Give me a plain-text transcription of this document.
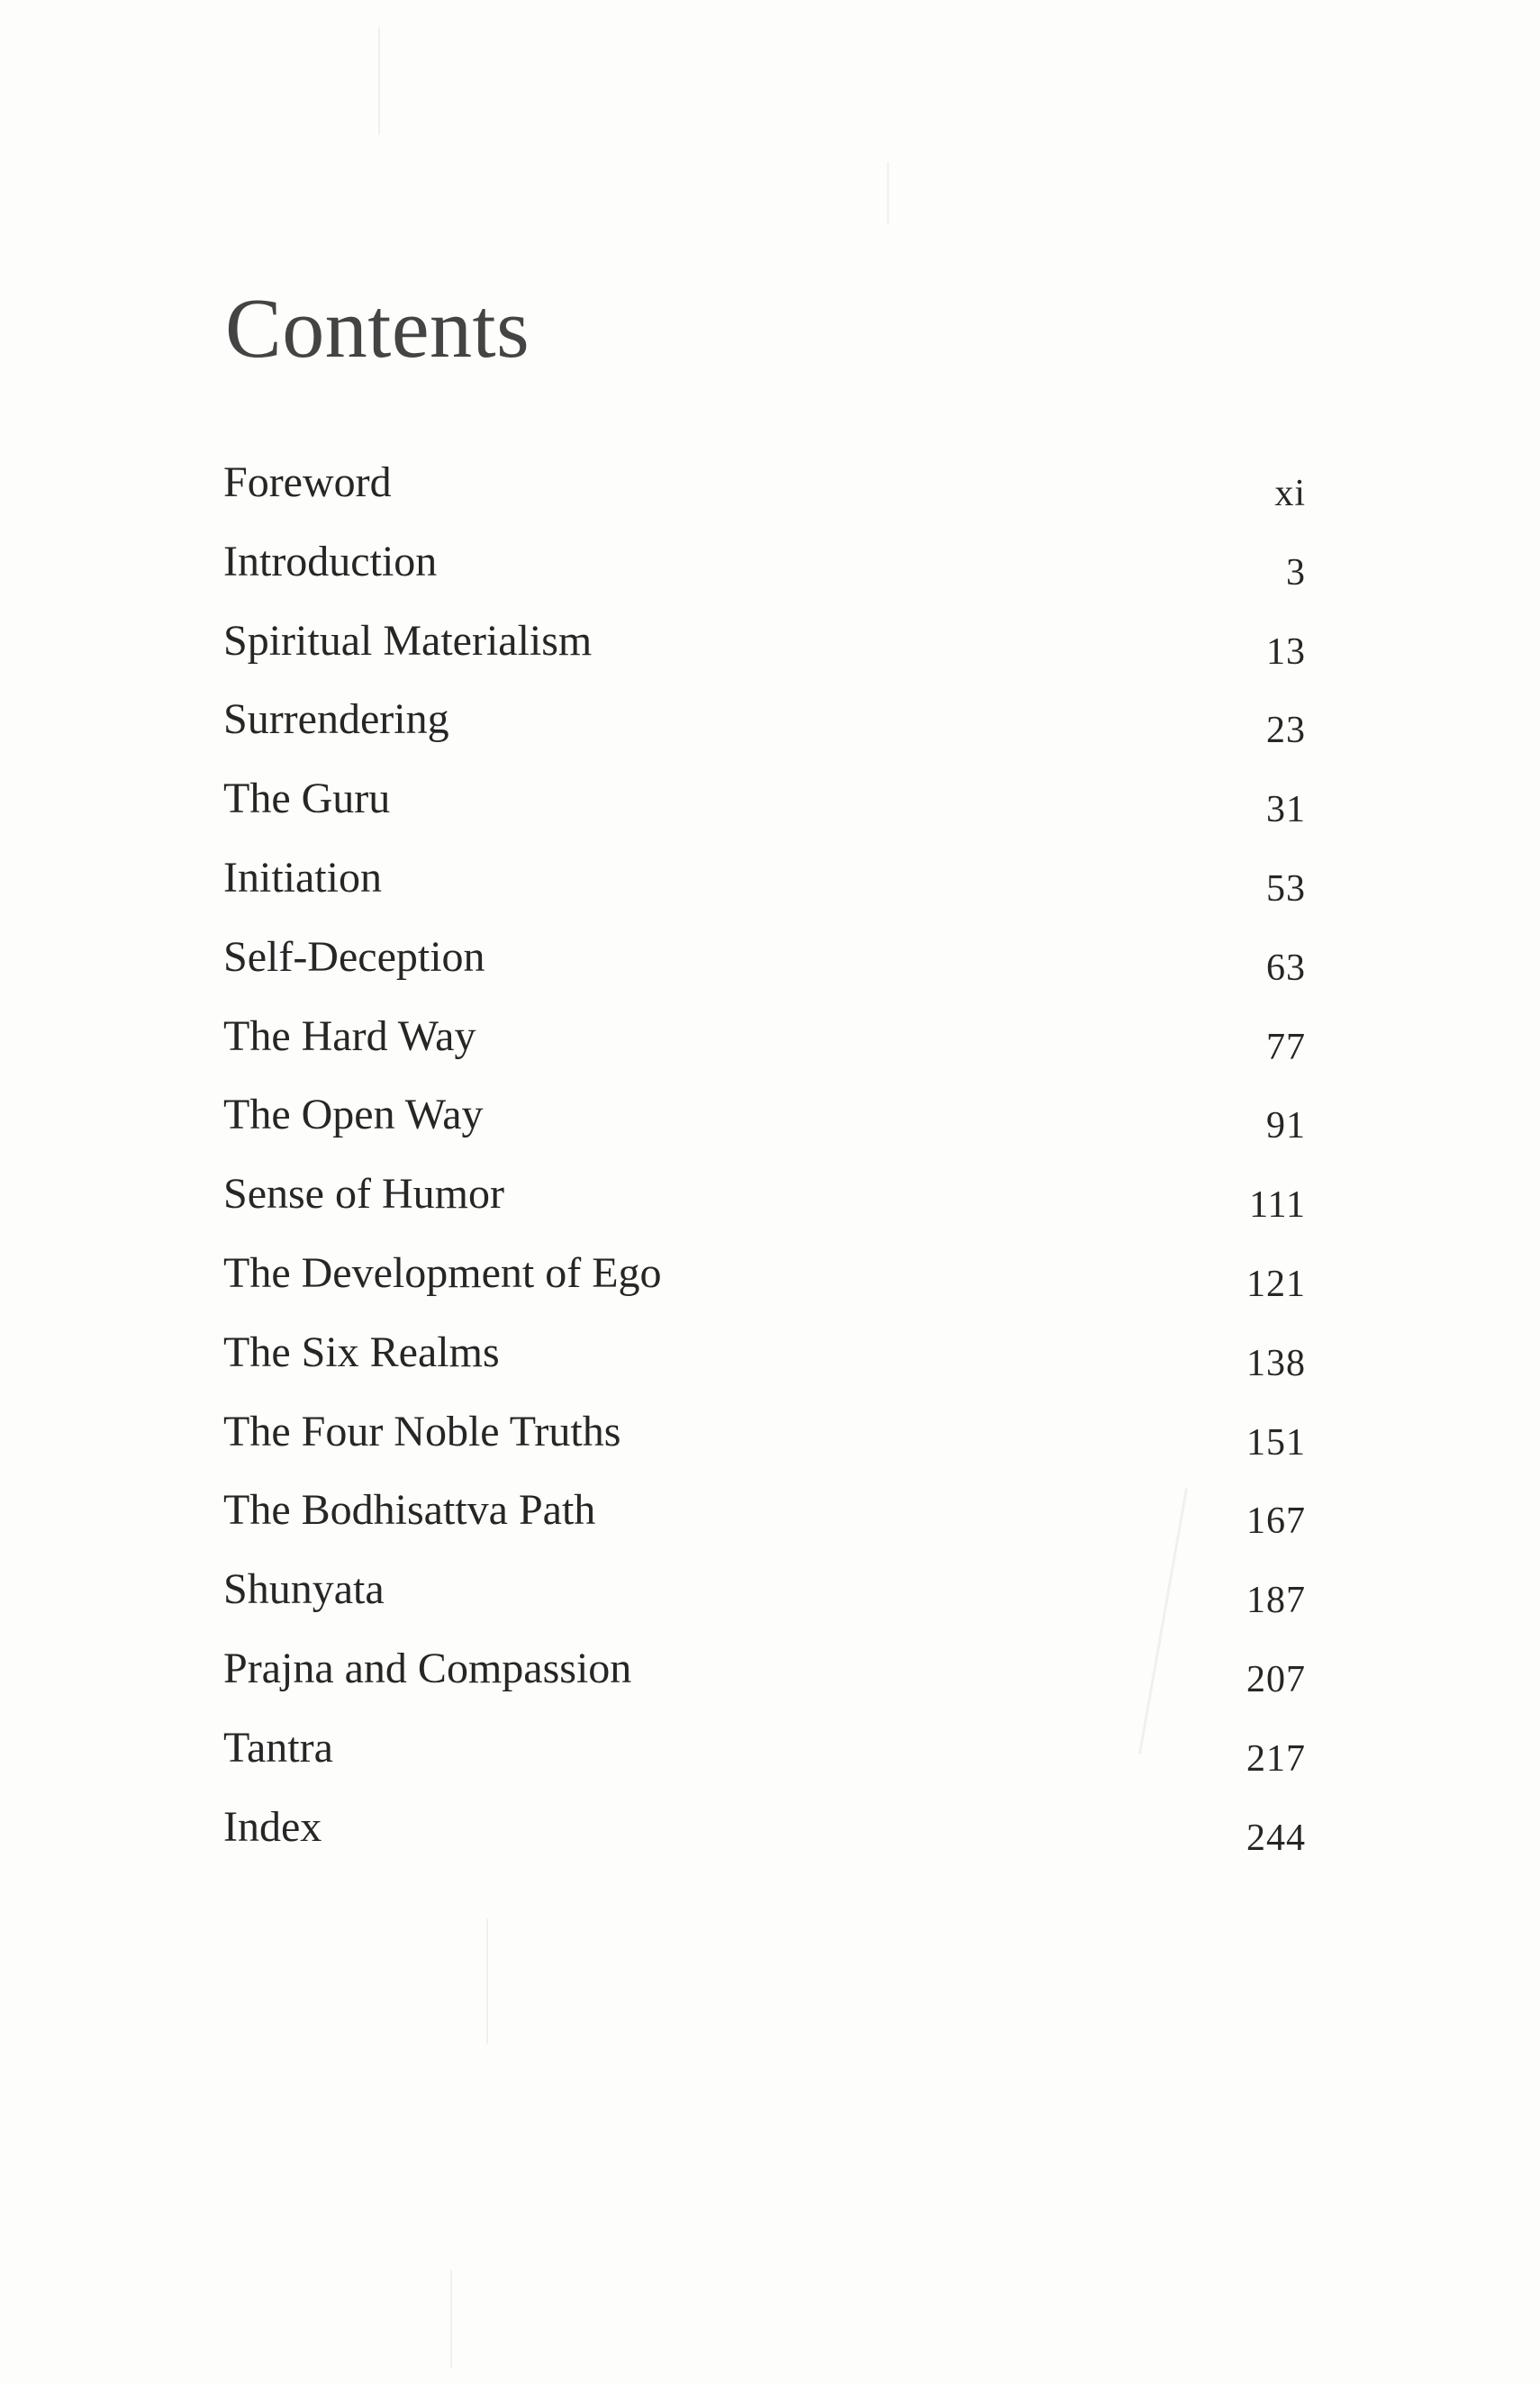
Contents
Foreword	xi
Introduction	3
Spiritual Materialism	13
Surrendering	23
The Guru	31
Initiation	53
Self-Deception	63
The Hard Way	77
The Open Way	91
Sense of Humor	111
The Development of Ego	121
The Six Realms	138
The Four Noble Truths	151
The Bodhisattva Path	167
Shunyata	187
Prajna and Compassion	207
Tantra	217
Index	244
